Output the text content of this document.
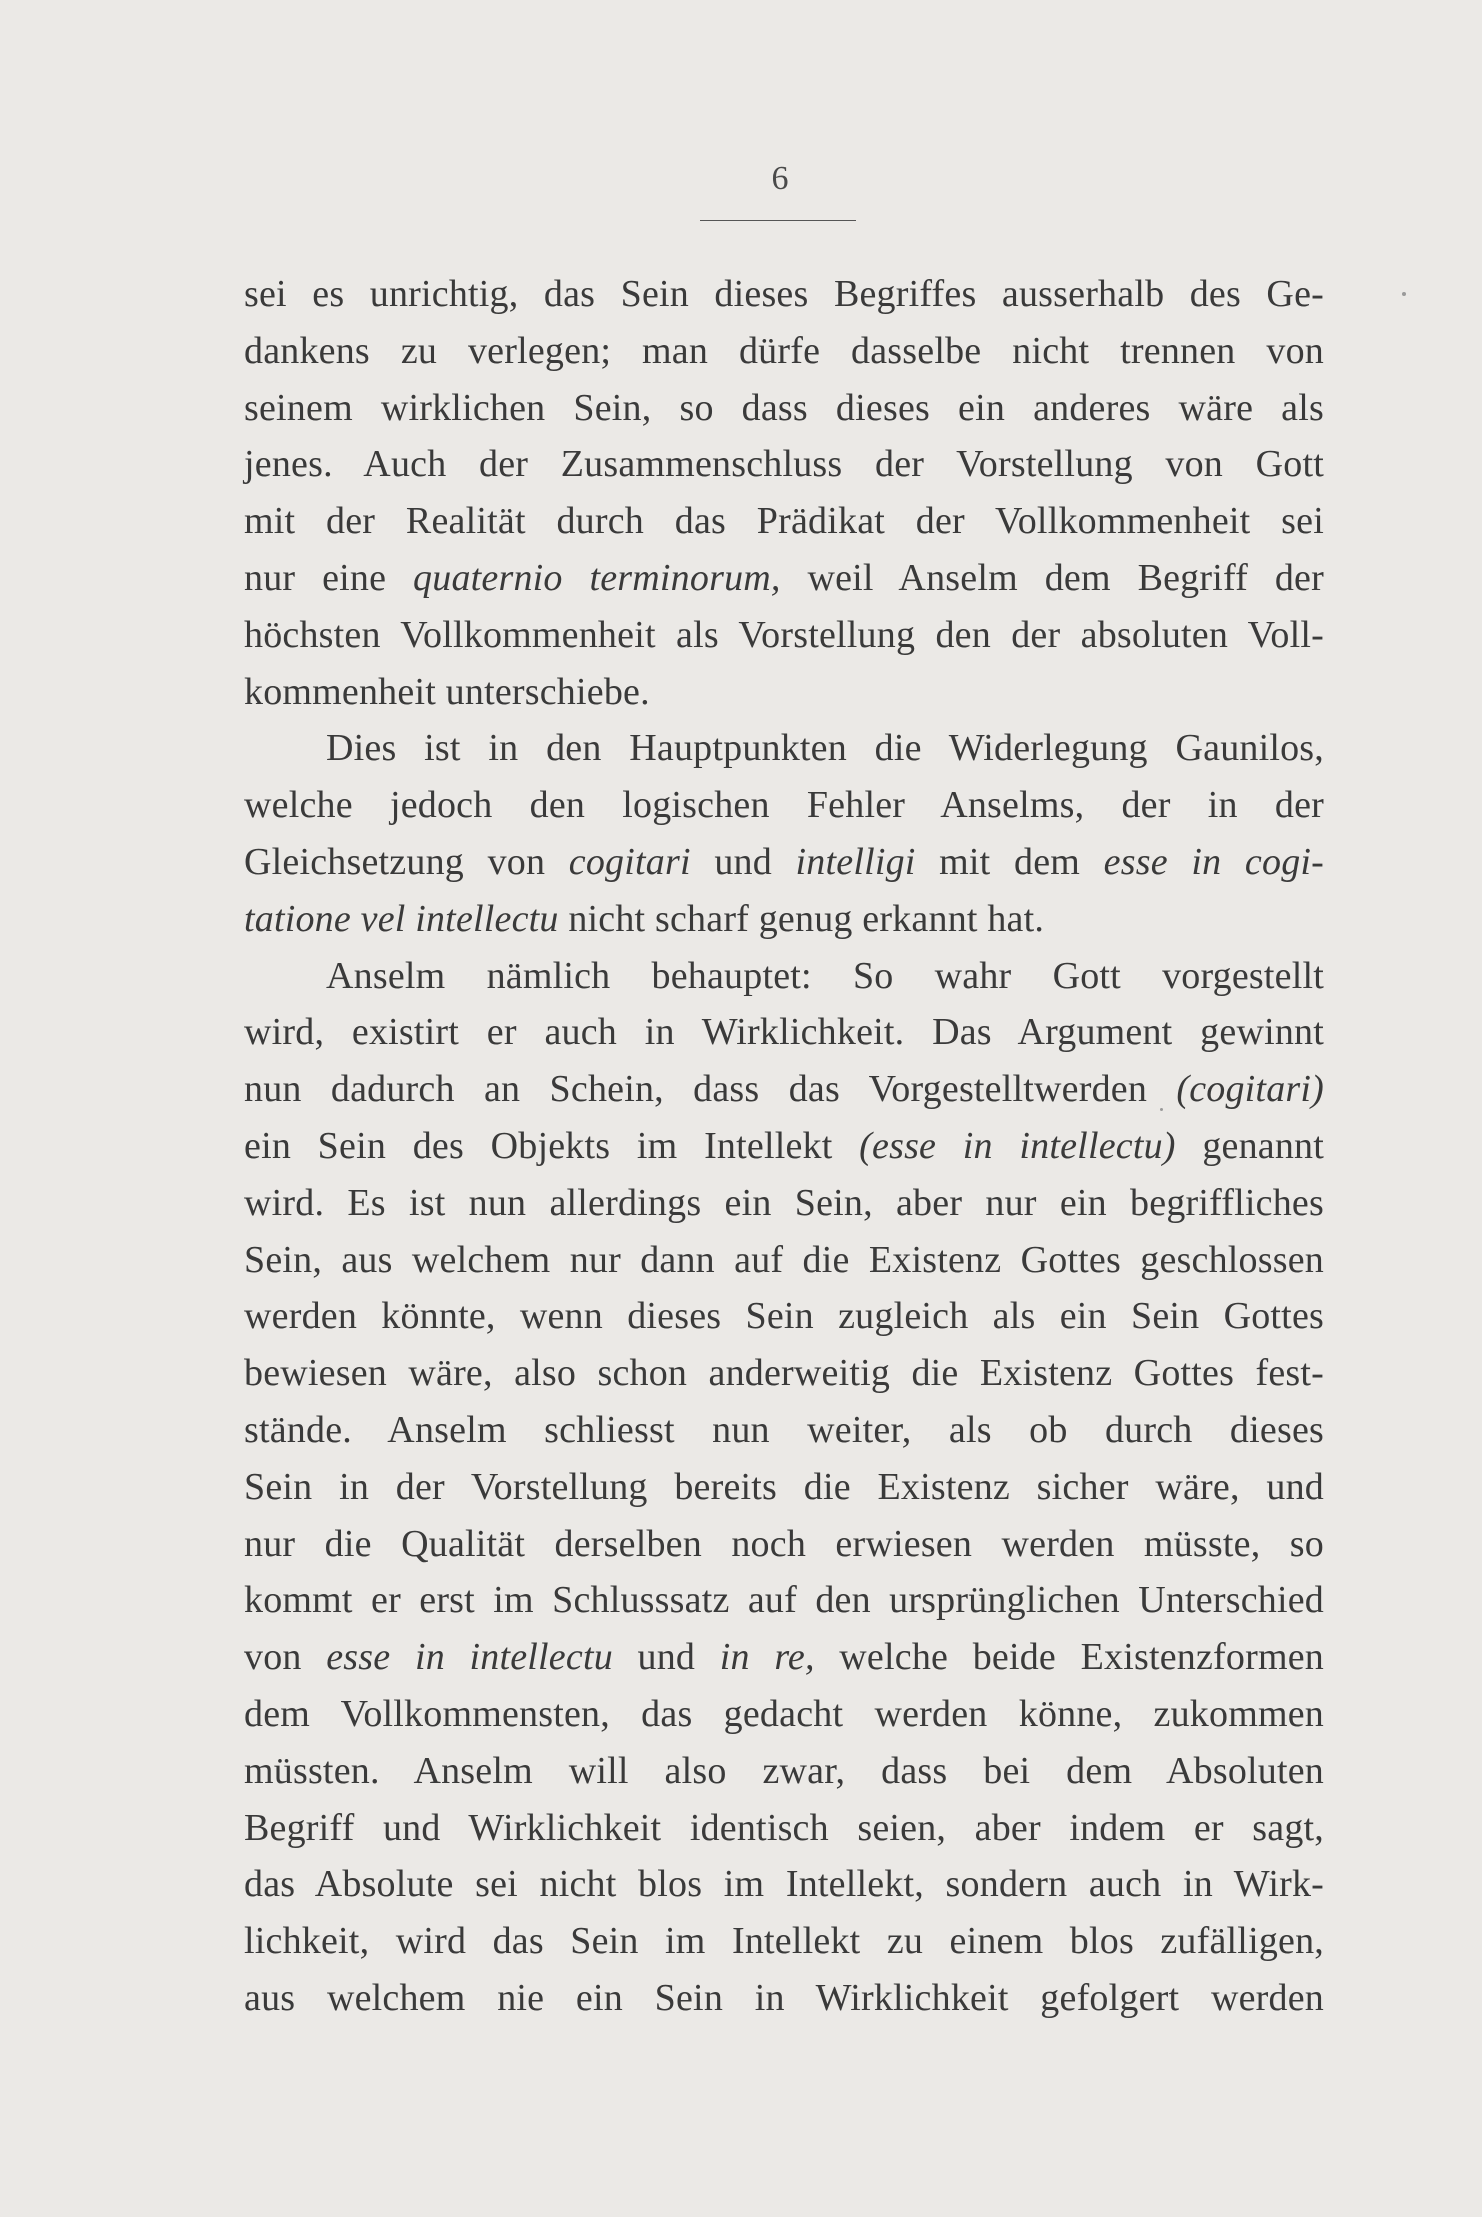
6
sei es unrichtig, das Sein dieses Begriffes ausserhalb des Ge-
dankens zu verlegen; man dürfe dasselbe nicht trennen von
seinem wirklichen Sein, so dass dieses ein anderes wäre als
jenes. Auch der Zusammenschluss der Vorstellung von Gott
mit der Realität durch das Prädikat der Vollkommenheit sei
nur eine quaternio terminorum, weil Anselm dem Begriff der
höchsten Vollkommenheit als Vorstellung den der absoluten Voll-
kommenheit unterschiebe.
Dies ist in den Hauptpunkten die Widerlegung Gaunilos,
welche jedoch den logischen Fehler Anselms, der in der
Gleichsetzung von cogitari und intelligi mit dem esse in cogi-
tatione vel intellectu nicht scharf genug erkannt hat.
Anselm nämlich behauptet: So wahr Gott vorgestellt
wird, existirt er auch in Wirklichkeit. Das Argument gewinnt
nun dadurch an Schein, dass das Vorgestelltwerden (cogitari)
ein Sein des Objekts im Intellekt (esse in intellectu) genannt
wird. Es ist nun allerdings ein Sein, aber nur ein begriffliches
Sein, aus welchem nur dann auf die Existenz Gottes geschlossen
werden könnte, wenn dieses Sein zugleich als ein Sein Gottes
bewiesen wäre, also schon anderweitig die Existenz Gottes fest-
stände. Anselm schliesst nun weiter, als ob durch dieses
Sein in der Vorstellung bereits die Existenz sicher wäre, und
nur die Qualität derselben noch erwiesen werden müsste, so
kommt er erst im Schlusssatz auf den ursprünglichen Unterschied
von esse in intellectu und in re, welche beide Existenzformen
dem Vollkommensten, das gedacht werden könne, zukommen
müssten. Anselm will also zwar, dass bei dem Absoluten
Begriff und Wirklichkeit identisch seien, aber indem er sagt,
das Absolute sei nicht blos im Intellekt, sondern auch in Wirk-
lichkeit, wird das Sein im Intellekt zu einem blos zufälligen,
aus welchem nie ein Sein in Wirklichkeit gefolgert werden
